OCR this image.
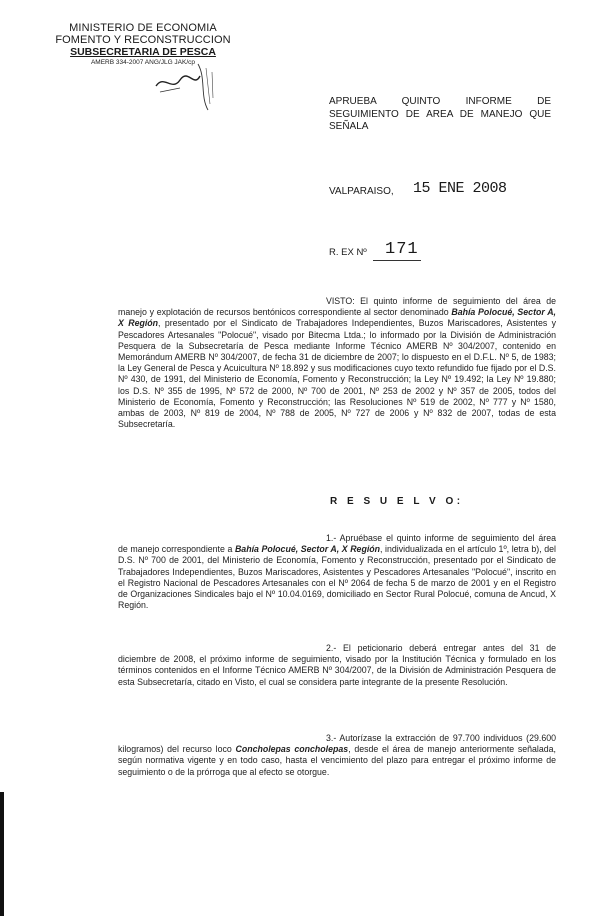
MINISTERIO DE ECONOMIA
FOMENTO Y RECONSTRUCCION
SUBSECRETARIA DE PESCA
AMERB 334-2007 ANG/JLG JAK/cp
APRUEBA QUINTO INFORME DE SEGUIMIENTO DE AREA DE MANEJO QUE SEÑALA
VALPARAISO, 15 ENE 2008
R. EX Nº 171
VISTO: El quinto informe de seguimiento del área de manejo y explotación de recursos bentónicos correspondiente al sector denominado Bahía Polocué, Sector A, X Región, presentado por el Sindicato de Trabajadores Independientes, Buzos Mariscadores, Asistentes y Pescadores Artesanales "Polocué", visado por Bitecma Ltda.; lo informado por la División de Administración Pesquera de la Subsecretaría de Pesca mediante Informe Técnico AMERB Nº 304/2007, contenido en Memorándum AMERB Nº 304/2007, de fecha 31 de diciembre de 2007; lo dispuesto en el D.F.L. Nº 5, de 1983; la Ley General de Pesca y Acuicultura Nº 18.892 y sus modificaciones cuyo texto refundido fue fijado por el D.S. Nº 430, de 1991, del Ministerio de Economía, Fomento y Reconstrucción; la Ley Nº 19.492; la Ley Nº 19.880; los D.S. Nº 355 de 1995, Nº 572 de 2000, Nº 700 de 2001, Nº 253 de 2002 y Nº 357 de 2005, todos del Ministerio de Economía, Fomento y Reconstrucción; las Resoluciones Nº 519 de 2002, Nº 777 y Nº 1580, ambas de 2003, Nº 819 de 2004, Nº 788 de 2005, Nº 727 de 2006 y Nº 832 de 2007, todas de esta Subsecretaría.
R E S U E L V O:
1.- Apruébase el quinto informe de seguimiento del área de manejo correspondiente a Bahía Polocué, Sector A, X Región, individualizada en el artículo 1º, letra b), del D.S. Nº 700 de 2001, del Ministerio de Economía, Fomento y Reconstrucción, presentado por el Sindicato de Trabajadores Independientes, Buzos Mariscadores, Asistentes y Pescadores Artesanales "Polocué", inscrito en el Registro Nacional de Pescadores Artesanales con el Nº 2064 de fecha 5 de marzo de 2001 y en el Registro de Organizaciones Sindicales bajo el Nº 10.04.0169, domiciliado en Sector Rural Polocué, comuna de Ancud, X Región.
2.- El peticionario deberá entregar antes del 31 de diciembre de 2008, el próximo informe de seguimiento, visado por la Institución Técnica y formulado en los términos contenidos en el Informe Técnico AMERB Nº 304/2007, de la División de Administración Pesquera de esta Subsecretaría, citado en Visto, el cual se considera parte integrante de la presente Resolución.
3.- Autorízase la extracción de 97.700 individuos (29.600 kilogramos) del recurso loco Concholepas concholepas, desde el área de manejo anteriormente señalada, según normativa vigente y en todo caso, hasta el vencimiento del plazo para entregar el próximo informe de seguimiento o de la prórroga que al efecto se otorgue.
